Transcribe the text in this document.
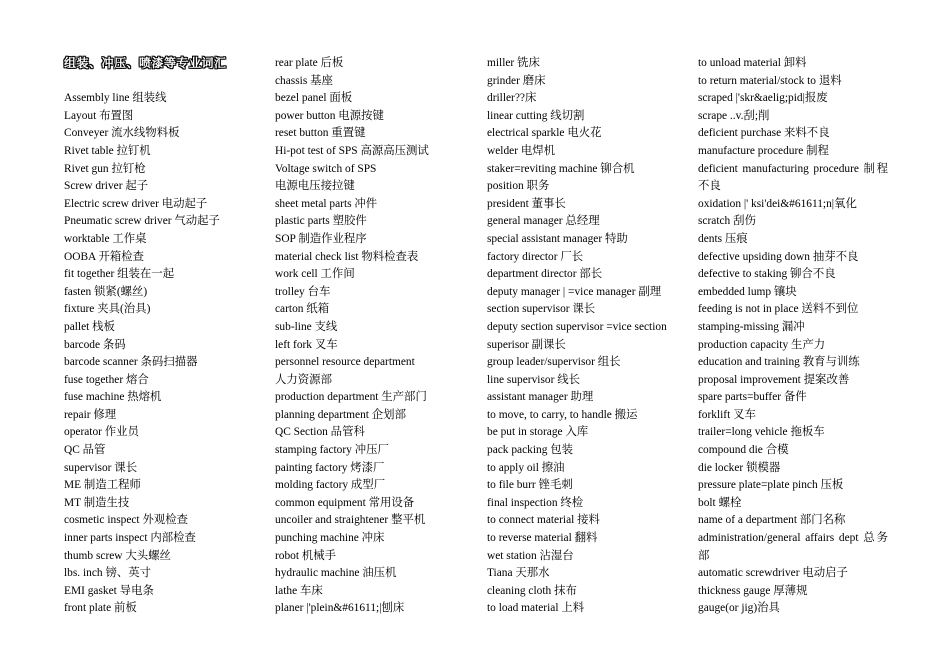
组装、冲压、喷漆等专业词汇
Assembly line 组装线
Layout 布置图
Conveyer 流水线物料板
Rivet table 拉钉机
Rivet gun 拉钉枪
Screw driver 起子
Electric screw driver 电动起子
Pneumatic screw driver 气动起子
worktable 工作桌
OOBA 开箱检查
fit together 组装在一起
fasten 锁紧(螺丝)
fixture 夹具(治具)
pallet 栈板
barcode 条码
barcode scanner 条码扫描器
fuse together 熔合
fuse machine 热熔机
repair 修理
operator 作业员
QC 品管
supervisor 课长
ME 制造工程师
MT 制造生技
cosmetic inspect 外观检查
inner parts inspect 内部检查
thumb screw 大头螺丝
lbs. inch 镑、英寸
EMI gasket 导电条
front plate 前板
rear plate 后板
chassis 基座
bezel panel 面板
power button 电源按键
reset button 重置键
Hi-pot test of SPS 高源高压测试
Voltage switch of SPS
电源电压接拉键
sheet metal parts 冲件
plastic parts 塑胶件
SOP 制造作业程序
material check list 物料检查表
work cell 工作间
trolley 台车
carton 纸箱
sub-line 支线
left fork 叉车
personnel resource department
人力资源部
production department 生产部门
planning department 企划部
QC Section 品管科
stamping factory 冲压厂
painting factory 烤漆厂
molding factory 成型厂
common equipment 常用设备
uncoiler and straightener 整平机
punching machine 冲床
robot 机械手
hydraulic machine 油压机
lathe 车床
planer |'plein&#61611;|刨床
miller 铣床
grinder 磨床
driller??床
linear cutting 线切割
electrical sparkle 电火花
welder 电焊机
staker=reviting machine 铆合机
position 职务
president 董事长
general manager 总经理
special assistant manager 特助
factory director 厂长
department director 部长
deputy manager | =vice manager 副理
section supervisor 课长
deputy section supervisor =vice section
superisor 副课长
group leader/supervisor 组长
line supervisor 线长
assistant manager 助理
to move, to carry, to handle 搬运
be put in storage 入库
pack packing 包装
to apply oil 擦油
to file burr 锉毛刺
final inspection 终检
to connect material 接料
to reverse material 翻料
wet station 沾湿台
Tiana 天那水
cleaning cloth 抹布
to load material 上料
to unload material 卸料
to return material/stock to 退料
scraped |'skr&aelig;pid|报废
scrape ..v.刮;削
deficient purchase 来料不良
manufacture procedure 制程
deficient manufacturing procedure 制程不良
oxidation |' ksi'dei&#61611;n|氧化
scratch 刮伤
dents 压痕
defective upsiding down 抽芽不良
defective to staking 铆合不良
embedded lump 镶块
feeding is not in place 送料不到位
stamping-missing 漏冲
production capacity 生产力
education and training 教育与训练
proposal improvement 提案改善
spare parts=buffer 备件
forklift 叉车
trailer=long vehicle 拖板车
compound die 合模
die locker 锁模器
pressure plate=plate pinch 压板
bolt 螺栓
name of a department 部门名称
administration/general affairs dept 总务部
automatic screwdriver 电动启子
thickness gauge 厚薄规
gauge(or jig)治具
